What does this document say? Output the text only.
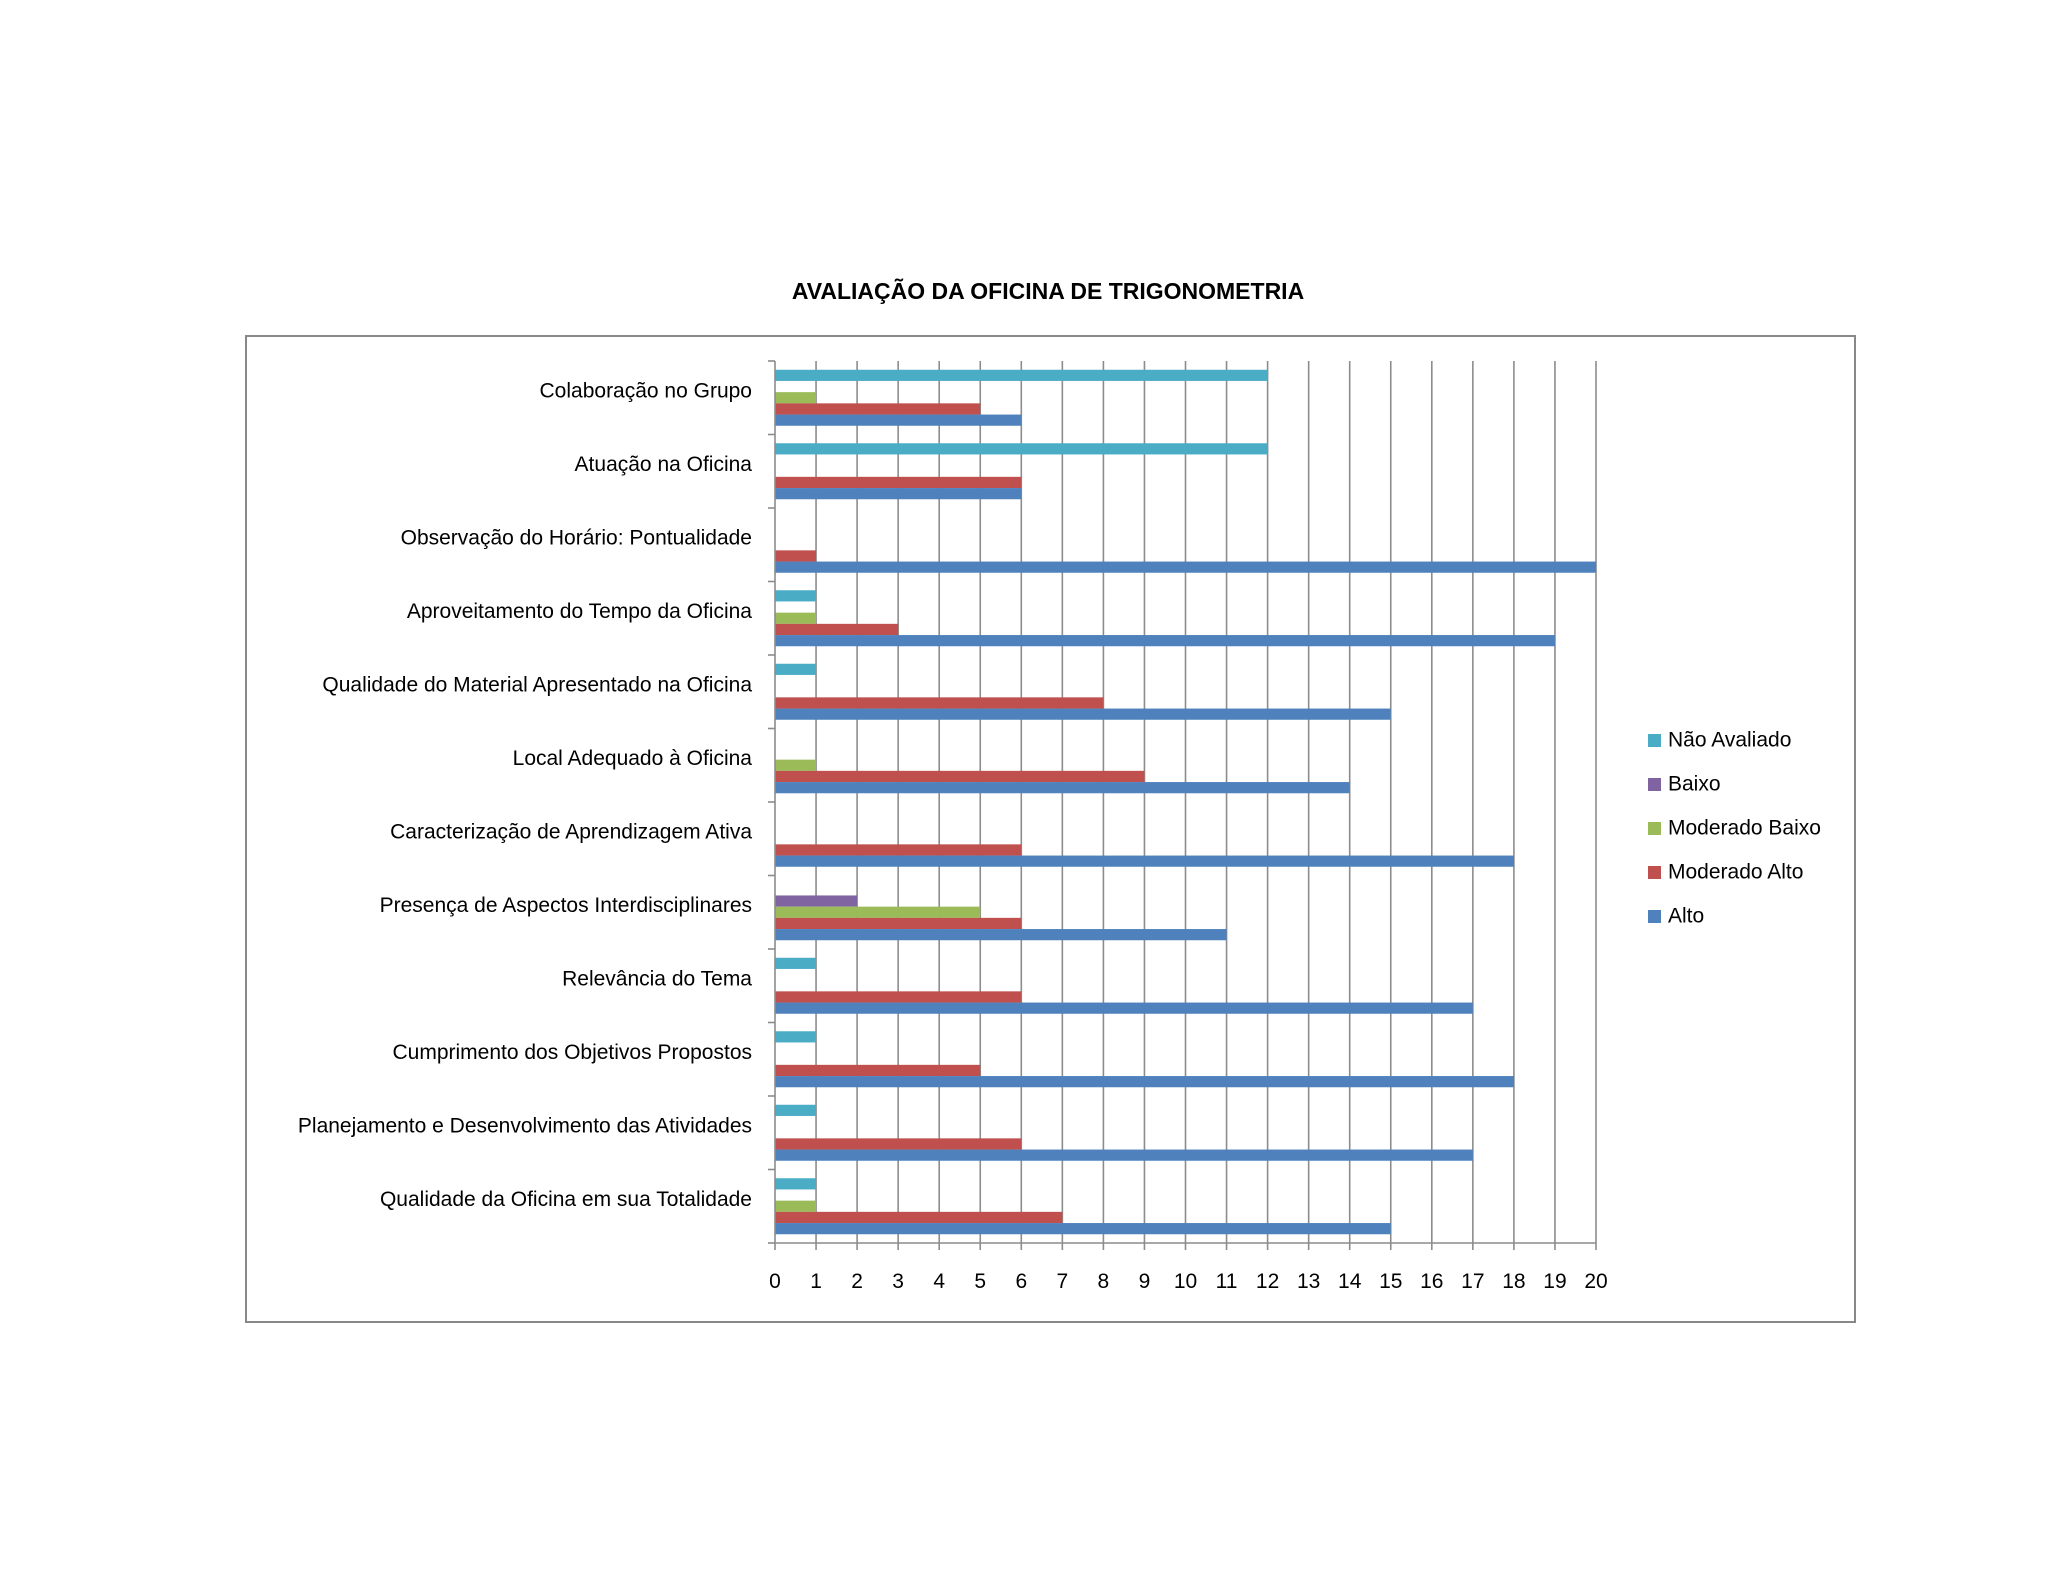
AVALIAÇÃO DA OFICINA DE TRIGONOMETRIA
Colaboração no Grupo
Atuação na Oficina
Observação do Horário: Pontualidade
Aproveitamento do Tempo da Oficina
Qualidade do Material Apresentado na Oficina
Local Adequado à Oficina
Caracterização de Aprendizagem Ativa
Presença de Aspectos Interdisciplinares
Relevância do Tema
Cumprimento dos Objetivos Propostos
Planejamento e Desenvolvimento das Atividades
Qualidade da Oficina em sua Totalidade
0 1 2 3 4 5 6 7 8 9 10 11 12 13 14 15 16 17 18 19 20
Não Avaliado
Baixo
Moderado Baixo
Moderado Alto
Alto
